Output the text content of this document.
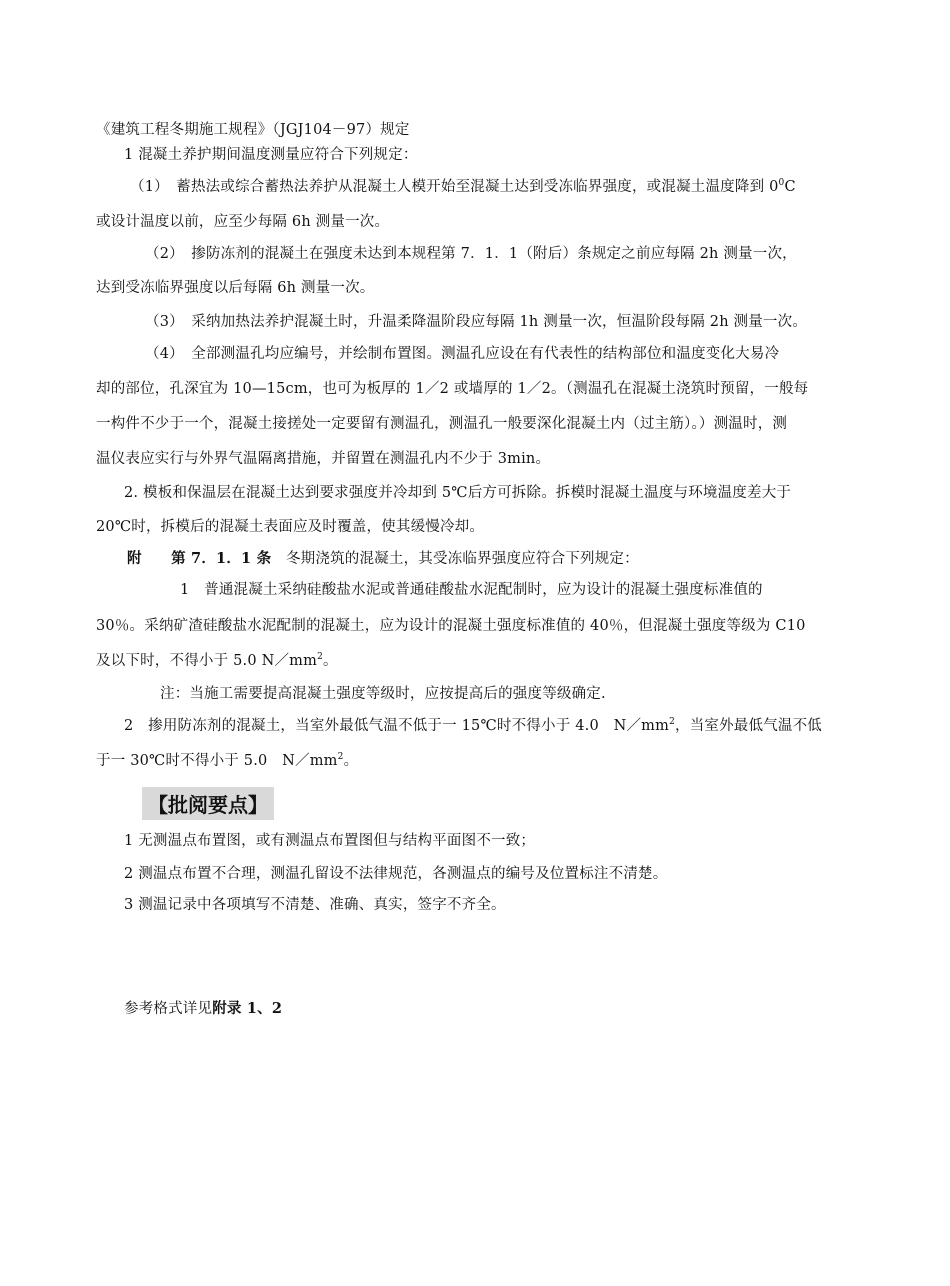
《建筑工程冬期施工规程》（JGJ104－97）规定
1 混凝土养护期间温度测量应符合下列规定：
（1）　蓄热法或综合蓄热法养护从混凝土人模开始至混凝土达到受冻临界强度，或混凝土温度降到 $0^0C$
或设计温度以前，应至少每隔 6h 测量一次。
（2）　掺防冻剂的混凝土在强度未达到本规程第 7．1．1（附后）条规定之前应每隔 2h 测量一次，
达到受冻临界强度以后每隔 6h 测量一次。
（3）　采纳加热法养护混凝土时，升温柔降温阶段应每隔 1h 测量一次，恒温阶段每隔 2h 测量一次。
（4）　全部测温孔均应编号，并绘制布置图。测温孔应设在有代表性的结构部位和温度变化大易冷
却的部位，孔深宜为 10—15cm，也可为板厚的 1／2 或墙厚的 1／2。（测温孔在混凝土浇筑时预留，一般每
一构件不少于一个，混凝土接搓处一定要留有测温孔，测温孔一般要深化混凝土内（过主筋）。）测温时，测
温仪表应实行与外界气温隔离措施，并留置在测温孔内不少于 3min。
2. 模板和保温层在混凝土达到要求强度并冷却到 5℃后方可拆除。拆模时混凝土温度与环境温度差大于
20℃时，拆模后的混凝土表面应及时覆盖，使其缓慢冷却。
附　　第 7．1．1 条　冬期浇筑的混凝土，其受冻临界强度应符合下列规定：
1　普通混凝土采纳硅酸盐水泥或普通硅酸盐水泥配制时，应为设计的混凝土强度标准值的
30％。采纳矿渣硅酸盐水泥配制的混凝土，应为设计的混凝土强度标准值的 40％，但混凝土强度等级为 C10
及以下时，不得小于 5.0 $N/mm^2$。
注：当施工需要提高混凝土强度等级时，应按提高后的强度等级确定.
2　掺用防冻剂的混凝土，当室外最低气温不低于一 15℃时不得小于 4.0　$N/mm^2$，当室外最低气温不低
于一 30℃时不得小于 5.0　$N/mm^2$。
【批阅要点】
1 无测温点布置图，或有测温点布置图但与结构平面图不一致；
2 测温点布置不合理，测温孔留设不法律规范，各测温点的编号及位置标注不清楚。
3 测温记录中各项填写不清楚、准确、真实，签字不齐全。
参考格式详见附录 1、2
